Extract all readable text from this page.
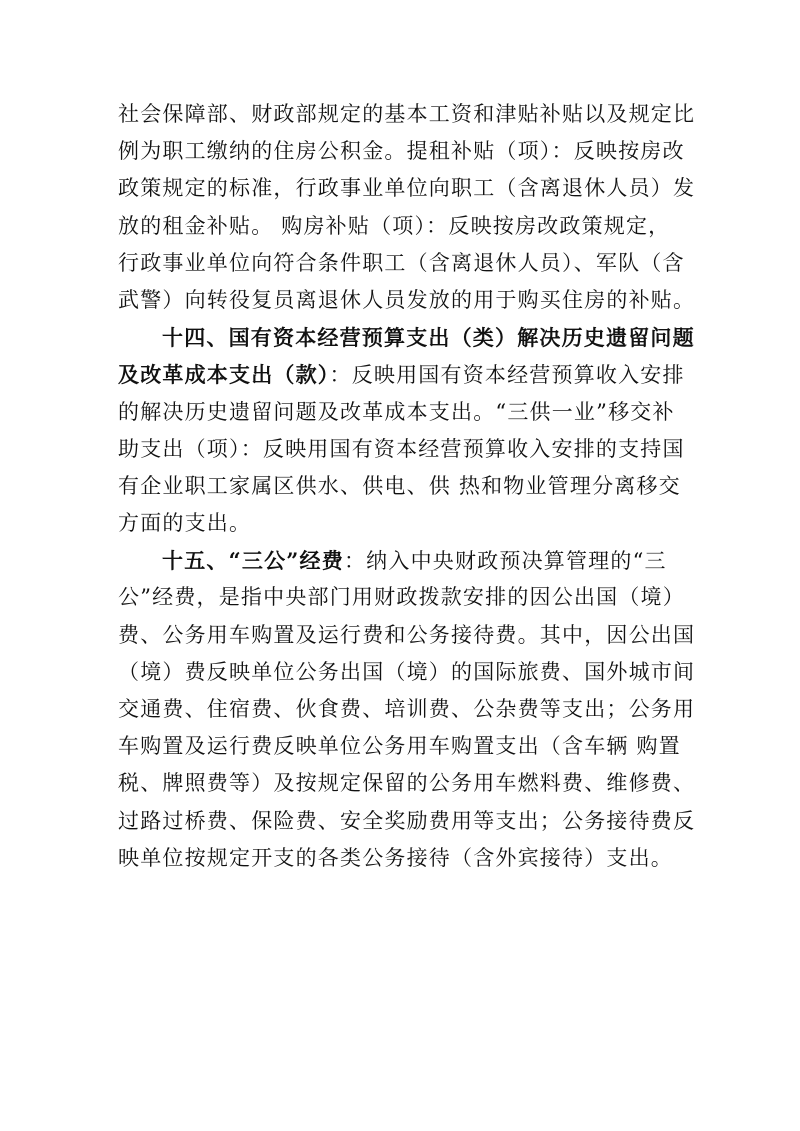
社会保障部、财政部规定的基本工资和津贴补贴以及规定比
例为职工缴纳的住房公积金。提租补贴（项）：反映按房改
政策规定的标准，行政事业单位向职工（含离退休人员）发
放的租金补贴。 购房补贴（项）：反映按房改政策规定，
行政事业单位向符合条件职工（含离退休人员）、军队（含
武警）向转役复员离退休人员发放的用于购买住房的补贴。
十四、国有资本经营预算支出（类）解决历史遗留问题
及改革成本支出（款）：反映用国有资本经营预算收入安排
的解决历史遗留问题及改革成本支出。“三供一业”移交补
助支出（项）：反映用国有资本经营预算收入安排的支持国
有企业职工家属区供水、供电、供 热和物业管理分离移交
方面的支出。
十五、“三公”经费：纳入中央财政预决算管理的“三
公”经费，是指中央部门用财政拨款安排的因公出国（境）
费、公务用车购置及运行费和公务接待费。其中，因公出国
（境）费反映单位公务出国（境）的国际旅费、国外城市间
交通费、住宿费、伙食费、培训费、公杂费等支出；公务用
车购置及运行费反映单位公务用车购置支出（含车辆 购置
税、牌照费等）及按规定保留的公务用车燃料费、维修费、
过路过桥费、保险费、安全奖励费用等支出；公务接待费反
映单位按规定开支的各类公务接待（含外宾接待）支出。
